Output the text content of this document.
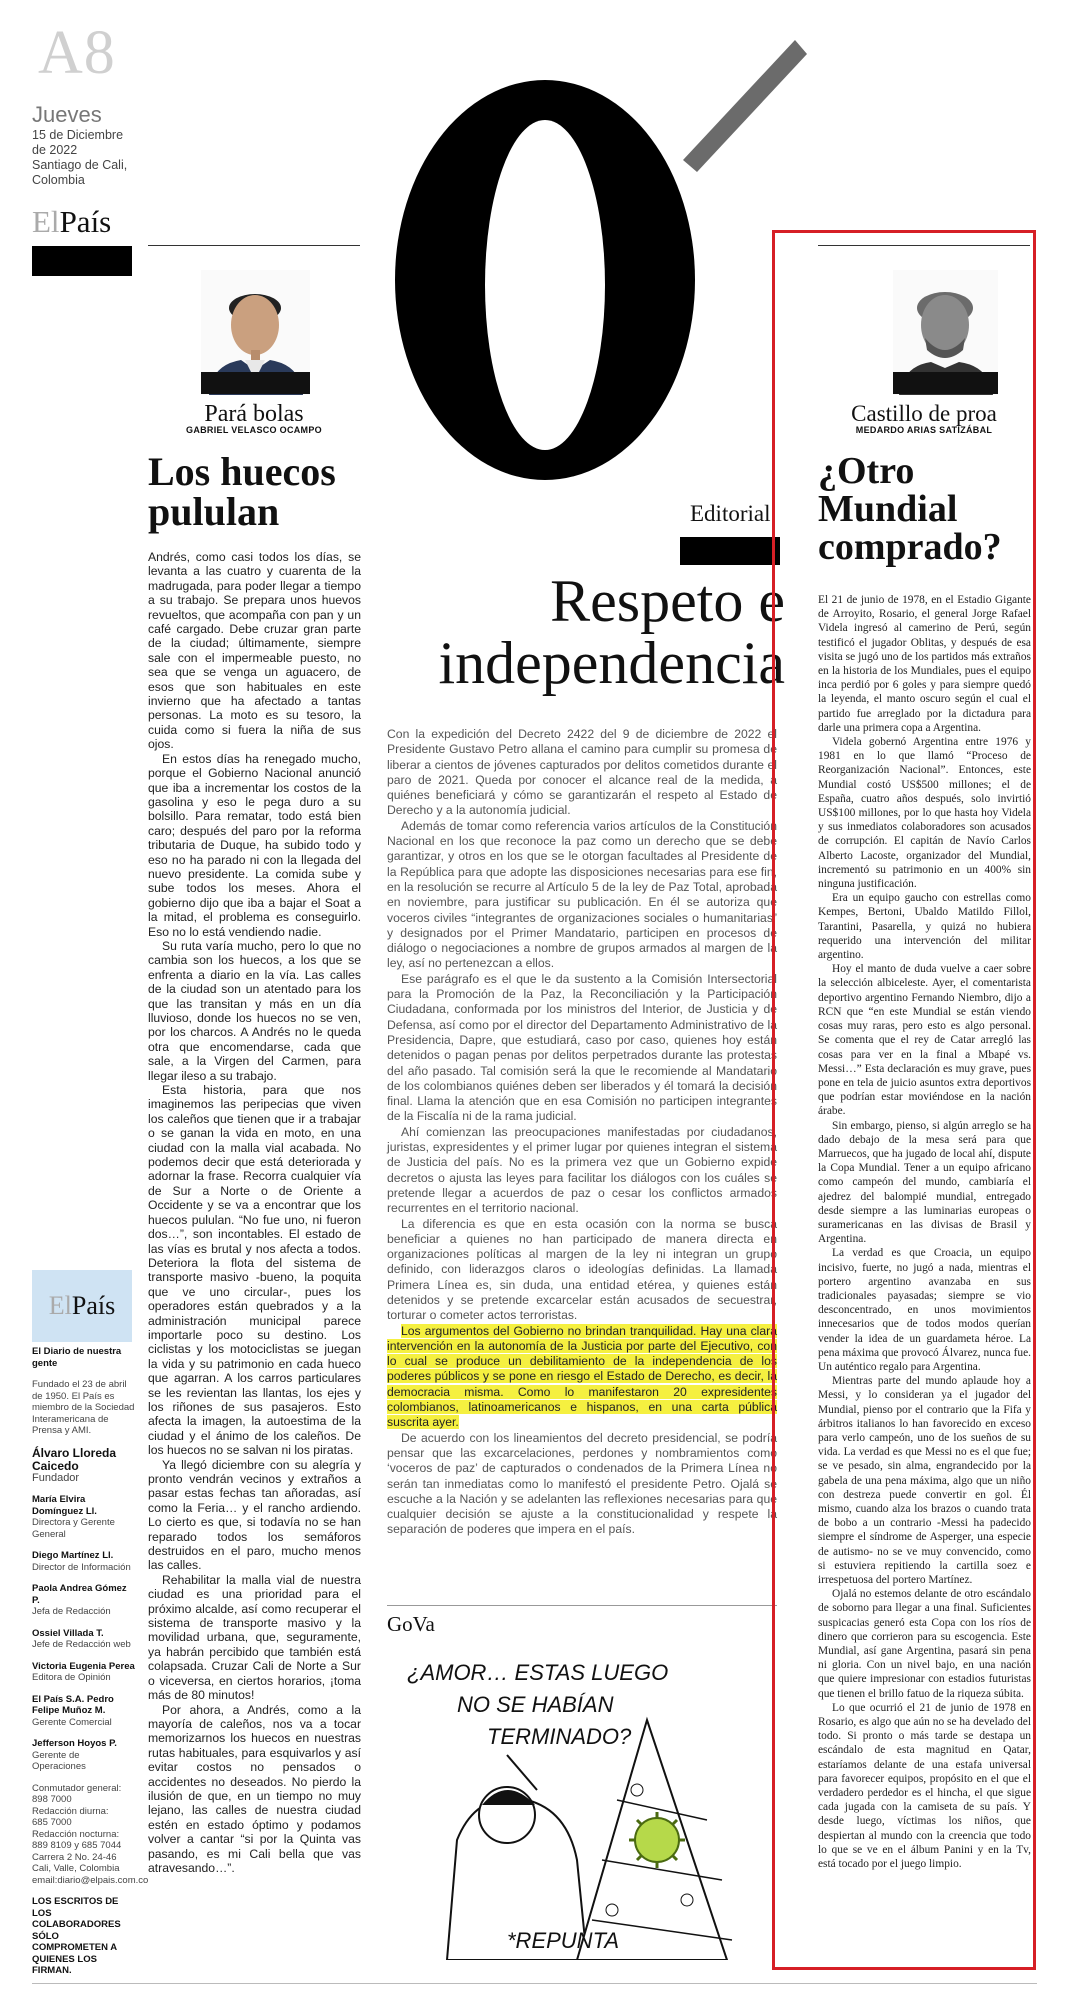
A8
Jueves
15 de Diciembre
de 2022
Santiago de Cali,
Colombia
ElPaís
El País
El Diario de nuestra gente
Fundado el 23 de abril de 1950. El País es miembro de la Sociedad Interamericana de Prensa y AMI.
Álvaro Lloreda Caicedo
Fundador
María Elvira Domínguez Ll.
Directora y Gerente General
Diego Martínez Ll.
Director de Información
Paola Andrea Gómez P.
Jefa de Redacción
Ossiel Villada T.
Jefe de Redacción web
Victoria Eugenia Perea
Editora de Opinión
El País S.A. Pedro Felipe Muñoz M.
Gerente Comercial
Jefferson Hoyos P.
Gerente de Operaciones
Conmutador general:
898 7000
Redacción diurna:
685 7000
Redacción nocturna:
889 8109 y 685 7044
Carrera 2 No. 24-46
Cali, Valle, Colombia
email:diario@elpais.com.co
LOS ESCRITOS DE LOS COLABORADORES SÓLO COMPROMETEN A QUIENES LOS FIRMAN.
Pará bolas
GABRIEL VELASCO OCAMPO
Los huecos pululan

Andrés, como casi todos los días, se levanta a las cuatro y cuarenta de la madrugada, para poder llegar a tiempo a su trabajo. Se prepara unos huevos revueltos, que acompaña con pan y un café cargado. Debe cruzar gran parte de la ciudad; últimamente, siempre sale con el impermeable puesto, no sea que se venga un aguacero, de esos que son habituales en este invierno que ha afectado a tantas personas. La moto es su tesoro, la cuida como si fuera la niña de sus ojos.

En estos días ha renegado mucho, porque el Gobierno Nacional anunció que iba a incrementar los costos de la gasolina y eso le pega duro a su bolsillo. Para rematar, todo está bien caro; después del paro por la reforma tributaria de Duque, ha subido todo y eso no ha parado ni con la llegada del nuevo presidente. La comida sube y sube todos los meses. Ahora el gobierno dijo que iba a bajar el Soat a la mitad, el problema es conseguirlo. Eso no lo está vendiendo nadie.

Su ruta varía mucho, pero lo que no cambia son los huecos, a los que se enfrenta a diario en la vía. Las calles de la ciudad son un atentado para los que las transitan y más en un día lluvioso, donde los huecos no se ven, por los charcos. A Andrés no le queda otra que encomendarse, cada que sale, a la Virgen del Carmen, para llegar ileso a su trabajo.

Esta historia, para que nos imaginemos las peripecias que viven los caleños que tienen que ir a trabajar o se ganan la vida en moto, en una ciudad con la malla vial acabada. No podemos decir que está deteriorada y adornar la frase. Recorra cualquier vía de Sur a Norte o de Oriente a Occidente y se va a encontrar que los huecos pululan. “No fue uno, ni fueron dos…”, son incontables. El estado de las vías es brutal y nos afecta a todos. Deteriora la flota del sistema de transporte masivo -bueno, la poquita que ve uno circular-, pues los operadores están quebrados y a la administración municipal parece importarle poco su destino. Los ciclistas y los motociclistas se juegan la vida y su patrimonio en cada hueco que agarran. A los carros particulares se les revientan las llantas, los ejes y los riñones de sus pasajeros. Esto afecta la imagen, la autoestima de la ciudad y el ánimo de los caleños. De los huecos no se salvan ni los piratas.

Ya llegó diciembre con su alegría y pronto vendrán vecinos y extraños a pasar estas fechas tan añoradas, así como la Feria… y el rancho ardiendo. Lo cierto es que, si todavía no se han reparado todos los semáforos destruidos en el paro, mucho menos las calles.

Rehabilitar la malla vial de nuestra ciudad es una prioridad para el próximo alcalde, así como recuperar el sistema de transporte masivo y la movilidad urbana, que, seguramente, ya habrán percibido que también está colapsada. Cruzar Cali de Norte a Sur o viceversa, en ciertos horarios, ¡toma más de 80 minutos!

Por ahora, a Andrés, como a la mayoría de caleños, nos va a tocar memorizarnos los huecos en nuestras rutas habituales, para esquivarlos y así evitar costos no pensados o accidentes no deseados. No pierdo la ilusión de que, en un tiempo no muy lejano, las calles de nuestra ciudad estén en estado óptimo y podamos volver a cantar “si por la Quinta vas pasando, es mi Cali bella que vas atravesando…”.

Editorial
Respeto e independencia

Con la expedición del Decreto 2422 del 9 de diciembre de 2022 el Presidente Gustavo Petro allana el camino para cumplir su promesa de liberar a cientos de jóvenes capturados por delitos cometidos durante el paro de 2021. Queda por conocer el alcance real de la medida, a quiénes beneficiará y cómo se garantizarán el respeto al Estado de Derecho y a la autonomía judicial.

Además de tomar como referencia varios artículos de la Constitución Nacional en los que reconoce la paz como un derecho que se debe garantizar, y otros en los que se le otorgan facultades al Presidente de la República para que adopte las disposiciones necesarias para ese fin, en la resolución se recurre al Artículo 5 de la ley de Paz Total, aprobada en noviembre, para justificar su publicación. En él se autoriza que voceros civiles “integrantes de organizaciones sociales o humanitarias” y designados por el Primer Mandatario, participen en procesos de diálogo o negociaciones a nombre de grupos armados al margen de la ley, así no pertenezcan a ellos.

Ese parágrafo es el que le da sustento a la Comisión Intersectorial para la Promoción de la Paz, la Reconciliación y la Participación Ciudadana, conformada por los ministros del Interior, de Justicia y de Defensa, así como por el director del Departamento Administrativo de la Presidencia, Dapre, que estudiará, caso por caso, quienes hoy están detenidos o pagan penas por delitos perpetrados durante las protestas del año pasado. Tal comisión será la que le recomiende al Mandatario de los colombianos quiénes deben ser liberados y él tomará la decisión final. Llama la atención que en esa Comisión no participen integrantes de la Fiscalía ni de la rama judicial.

Ahí comienzan las preocupaciones manifestadas por ciudadanos, juristas, expresidentes y el primer lugar por quienes integran el sistema de Justicia del país. No es la primera vez que un Gobierno expide decretos o ajusta las leyes para facilitar los diálogos con los cuáles se pretende llegar a acuerdos de paz o cesar los conflictos armados recurrentes en el territorio nacional.

La diferencia es que en esta ocasión con la norma se busca beneficiar a quienes no han participado de manera directa en organizaciones políticas al margen de la ley ni integran un grupo definido, con liderazgos claros o ideologías definidas. La llamada Primera Línea es, sin duda, una entidad etérea, y quienes están detenidos y se pretende excarcelar están acusados de secuestrar, torturar o cometer actos terroristas.

Los argumentos del Gobierno no brindan tranquilidad. Hay una clara intervención en la autonomía de la Justicia por parte del Ejecutivo, con lo cual se produce un debilitamiento de la independencia de los poderes públicos y se pone en riesgo el Estado de Derecho, es decir, la democracia misma. Como lo manifestaron 20 expresidentes colombianos, latinoamericanos e hispanos, en una carta pública suscrita ayer.

De acuerdo con los lineamientos del decreto presidencial, se podría pensar que las excarcelaciones, perdones y nombramientos como ‘voceros de paz’ de capturados o condenados de la Primera Línea no serán tan inmediatas como lo manifestó el presidente Petro. Ojalá se escuche a la Nación y se adelanten las reflexiones necesarias para que cualquier decisión se ajuste a la constitucionalidad y respete la separación de poderes que impera en el país.

GoVa
¿AMOR… ESTAS LUEGO
NO SE HABÍAN
TERMINADO?
*REPUNTA
Castillo de proa
MEDARDO ARIAS SATIZÁBAL
¿Otro Mundial comprado?

El 21 de junio de 1978, en el Estadio Gigante de Arroyito, Rosario, el general Jorge Rafael Videla ingresó al camerino de Perú, según testificó el jugador Oblitas, y después de esa visita se jugó uno de los partidos más extraños en la historia de los Mundiales, pues el equipo inca perdió por 6 goles y para siempre quedó la leyenda, el manto oscuro según el cual el partido fue arreglado por la dictadura para darle una primera copa a Argentina.

Videla gobernó Argentina entre 1976 y 1981 en lo que llamó “Proceso de Reorganización Nacional”. Entonces, este Mundial costó US$500 millones; el de España, cuatro años después, solo invirtió US$100 millones, por lo que hasta hoy Videla y sus inmediatos colaboradores son acusados de corrupción. El capitán de Navío Carlos Alberto Lacoste, organizador del Mundial, incrementó su patrimonio en un 400% sin ninguna justificación.

Era un equipo gaucho con estrellas como Kempes, Bertoni, Ubaldo Matildo Fillol, Tarantini, Pasarella, y quizá no hubiera requerido una intervención del militar argentino.

Hoy el manto de duda vuelve a caer sobre la selección albiceleste. Ayer, el comentarista deportivo argentino Fernando Niembro, dijo a RCN que “en este Mundial se están viendo cosas muy raras, pero esto es algo personal. Se comenta que el rey de Catar arregló las cosas para ver en la final a Mbapé vs. Messi…” Esta declaración es muy grave, pues pone en tela de juicio asuntos extra deportivos que podrían estar moviéndose en la nación árabe.

Sin embargo, pienso, si algún arreglo se ha dado debajo de la mesa será para que Marruecos, que ha jugado de local ahí, dispute la Copa Mundial. Tener a un equipo africano como campeón del mundo, cambiaría el ajedrez del balompié mundial, entregado desde siempre a las luminarias europeas o suramericanas en las divisas de Brasil y Argentina.

La verdad es que Croacia, un equipo incisivo, fuerte, no jugó a nada, mientras el portero argentino avanzaba en sus tradicionales payasadas; siempre se vio desconcentrado, en unos movimientos innecesarios que de todos modos querían vender la idea de un guardameta héroe. La pena máxima que provocó Álvarez, nunca fue. Un auténtico regalo para Argentina.

Mientras parte del mundo aplaude hoy a Messi, y lo consideran ya el jugador del Mundial, pienso por el contrario que la Fifa y árbitros italianos lo han favorecido en exceso para verlo campeón, uno de los sueños de su vida. La verdad es que Messi no es el que fue; se ve pesado, sin alma, engrandecido por la gabela de una pena máxima, algo que un niño con destreza puede convertir en gol. Él mismo, cuando alza los brazos o cuando trata de bobo a un contrario -Messi ha padecido siempre el síndrome de Asperger, una especie de autismo- no se ve muy convencido, como si estuviera repitiendo la cartilla soez e irrespetuosa del portero Martínez.

Ojalá no estemos delante de otro escándalo de soborno para llegar a una final. Suficientes suspicacias generó esta Copa con los ríos de dinero que corrieron para su escogencia. Este Mundial, así gane Argentina, pasará sin pena ni gloria. Con un nivel bajo, en una nación que quiere impresionar con estadios futuristas que tienen el brillo fatuo de la riqueza súbita.

Lo que ocurrió el 21 de junio de 1978 en Rosario, es algo que aún no se ha develado del todo. Si pronto o más tarde se destapa un escándalo de esta magnitud en Qatar, estaríamos delante de una estafa universal para favorecer equipos, propósito en el que el verdadero perdedor es el hincha, el que sigue cada jugada con la camiseta de su país. Y desde luego, víctimas los niños, que despiertan al mundo con la creencia que todo lo que se ve en el álbum Panini y en la Tv, está tocado por el juego limpio.
